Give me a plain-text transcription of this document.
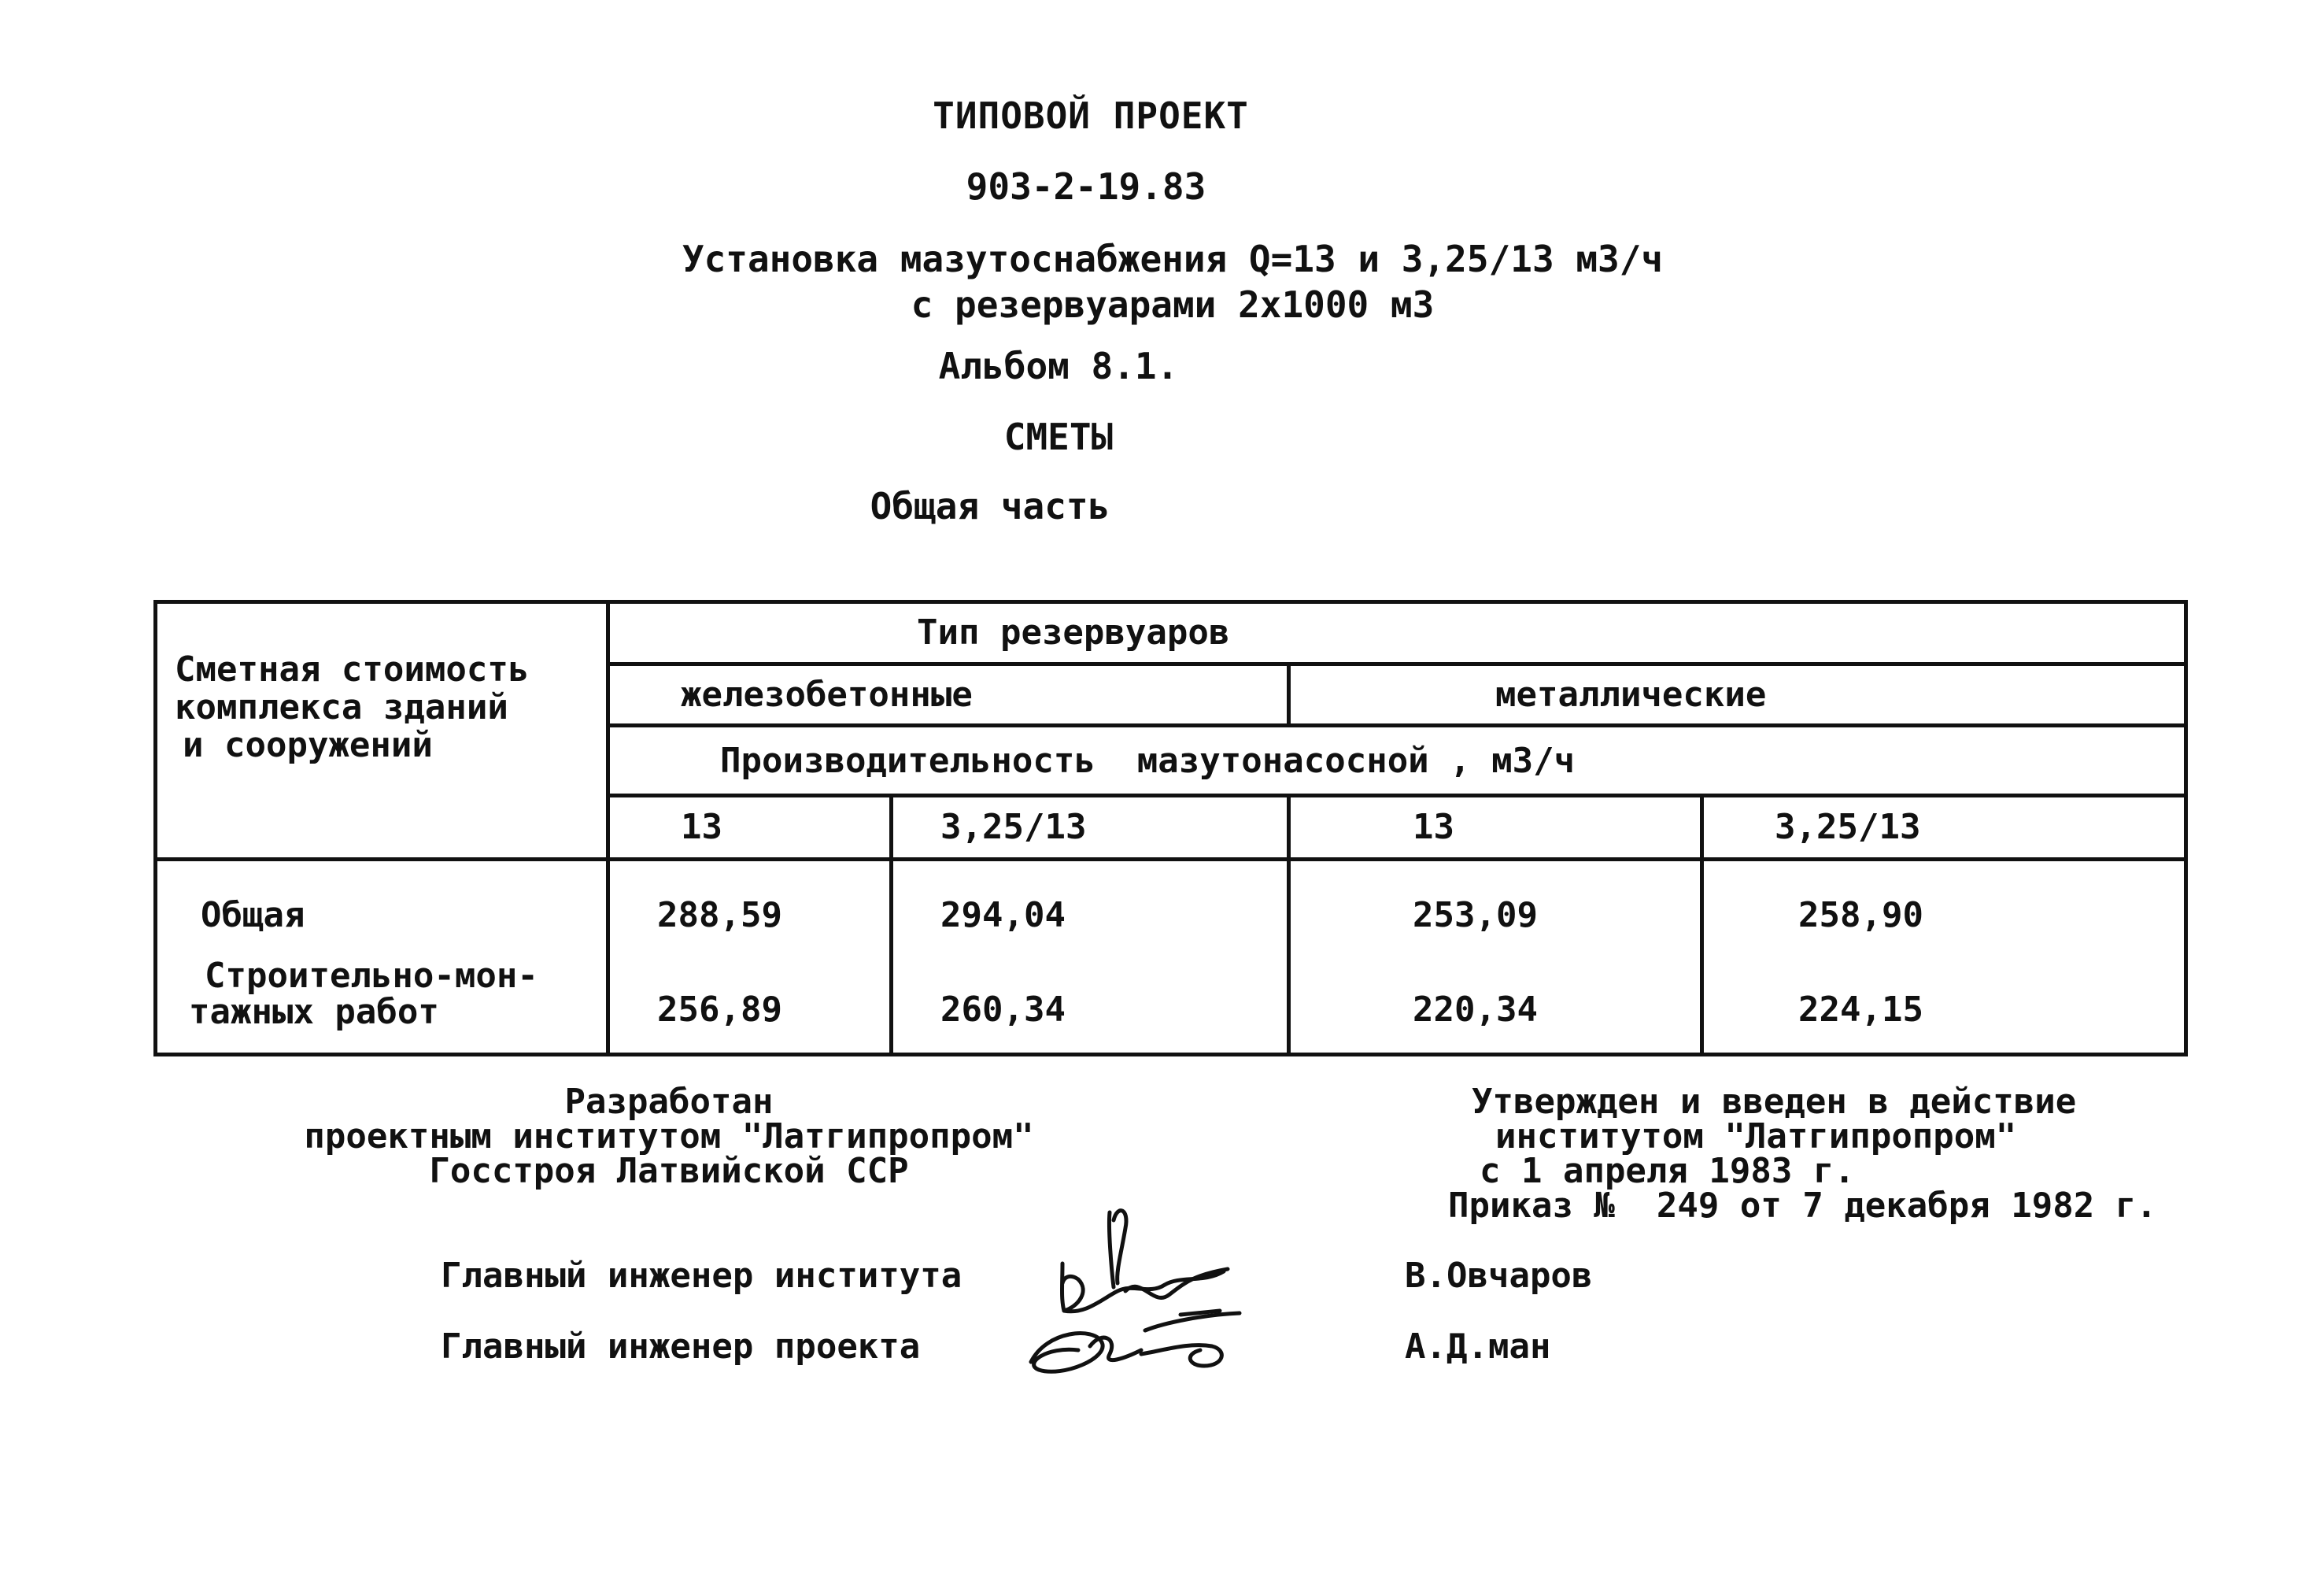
ТИПОВОЙ ПРОЕКТ
903-2-19.83
Установка мазутоснабжения Q=13 и 3,25/13 м3/ч
с резервуарами 2х1000 м3
Альбом 8.1.
СМЕТЫ
Общая часть
Сметная стоимость
комплекса зданий
и сооружений	Тип резервуаров			
	железобетонные		металлические	
	Производительность  мазутонасосной , м3/ч			
	13	3,25/13	13	3,25/13
Общая	288,59	294,04	253,09	258,90

Строительно-мон-
тажных работ	256,89	260,34	220,34	224,15
Разработан
проектным институтом "Латгипропром"
Госстроя Латвийской ССР
Утвержден и введен в действие
институтом "Латгипропром"
с 1 апреля 1983 г.
Приказ №  249 от 7 декабря 1982 г.
Главный инженер института	В.Овчаров
Главный инженер проекта	А.Д.ман
